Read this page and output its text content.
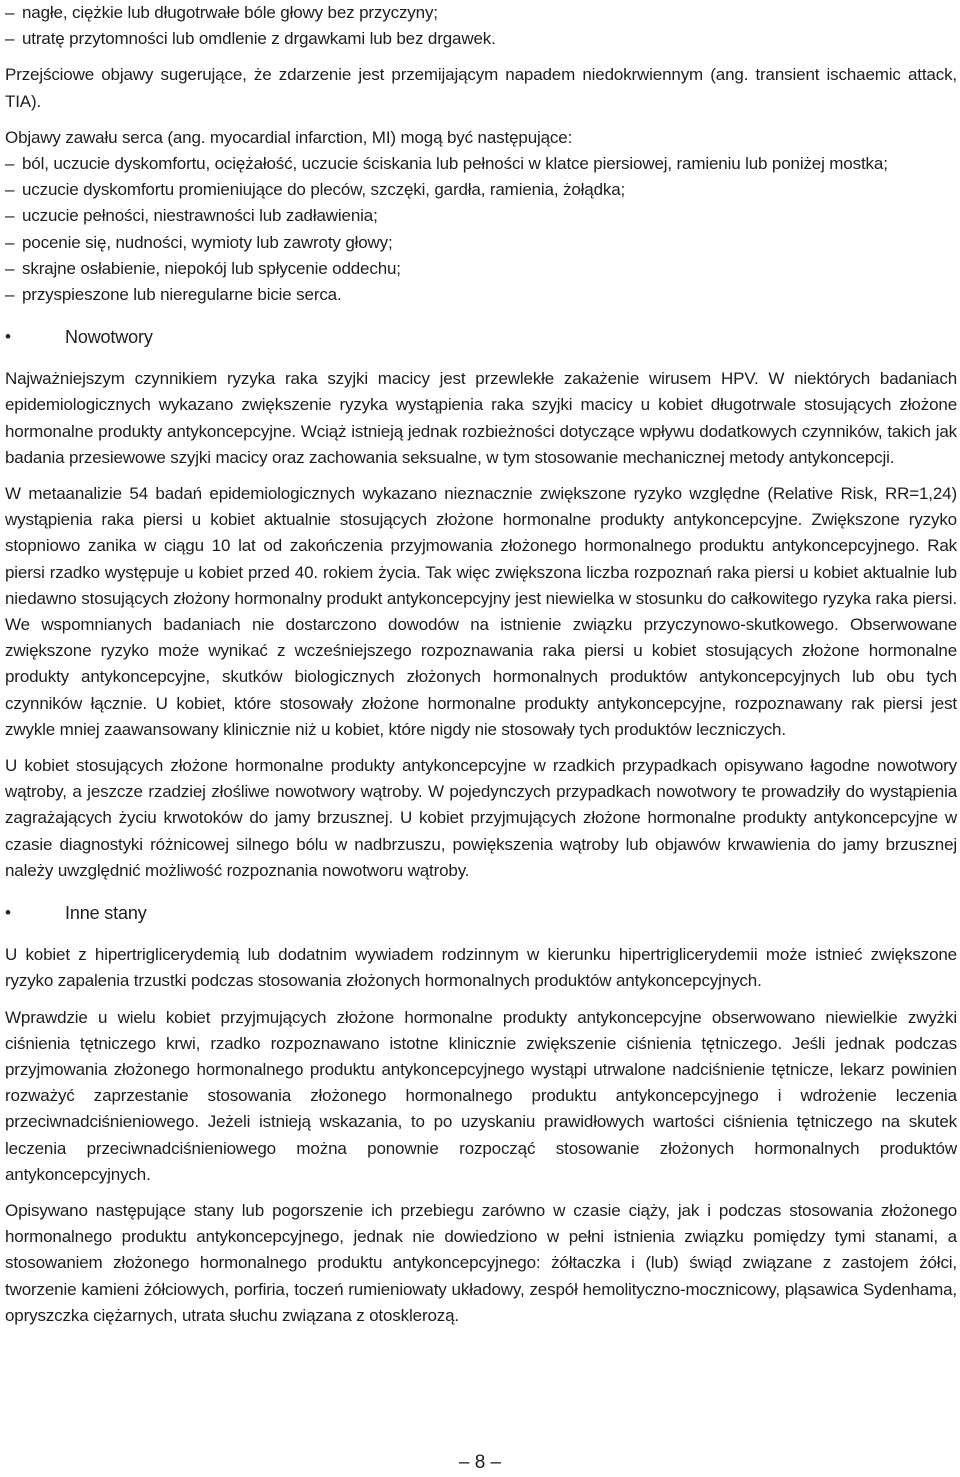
– nagłe, ciężkie lub długotrwałe bóle głowy bez przyczyny;
– utratę przytomności lub omdlenie z drgawkami lub bez drgawek.

Przejściowe objawy sugerujące, że zdarzenie jest przemijającym napadem niedokrwiennym (ang. transient ischaemic attack, TIA).

Objawy zawału serca (ang. myocardial infarction, MI) mogą być następujące:

– ból, uczucie dyskomfortu, ociężałość, uczucie ściskania lub pełności w klatce piersiowej, ramieniu lub poniżej mostka;
– uczucie dyskomfortu promieniujące do pleców, szczęki, gardła, ramienia, żołądka;
– uczucie pełności, niestrawności lub zadławienia;
– pocenie się, nudności, wymioty lub zawroty głowy;
– skrajne osłabienie, niepokój lub spłycenie oddechu;
– przyspieszone lub nieregularne bicie serca.
•	Nowotwory

Najważniejszym czynnikiem ryzyka raka szyjki macicy jest przewlekłe zakażenie wirusem HPV. W niektórych badaniach epidemiologicznych wykazano zwiększenie ryzyka wystąpienia raka szyjki macicy u kobiet długotrwale stosujących złożone hormonalne produkty antykoncepcyjne. Wciąż istnieją jednak rozbieżności dotyczące wpływu dodatkowych czynników, takich jak badania przesiewowe szyjki macicy oraz zachowania seksualne, w tym stosowanie mechanicznej metody antykoncepcji.

W metaanalizie 54 badań epidemiologicznych wykazano nieznacznie zwiększone ryzyko względne (Relative Risk, RR=1,24) wystąpienia raka piersi u kobiet aktualnie stosujących złożone hormonalne produkty antykoncepcyjne. Zwiększone ryzyko stopniowo zanika w ciągu 10 lat od zakończenia przyjmowania złożonego hormonalnego produktu antykoncepcyjnego. Rak piersi rzadko występuje u kobiet przed 40. rokiem życia. Tak więc zwiększona liczba rozpoznań raka piersi u kobiet aktualnie lub niedawno stosujących złożony hormonalny produkt antykoncepcyjny jest niewielka w stosunku do całkowitego ryzyka raka piersi. We wspomnianych badaniach nie dostarczono dowodów na istnienie związku przyczynowo-skutkowego. Obserwowane zwiększone ryzyko może wynikać z wcześniejszego rozpoznawania raka piersi u kobiet stosujących złożone hormonalne produkty antykoncepcyjne, skutków biologicznych złożonych hormonalnych produktów antykoncepcyjnych lub obu tych czynników łącznie. U kobiet, które stosowały złożone hormonalne produkty antykoncepcyjne, rozpoznawany rak piersi jest zwykle mniej zaawansowany klinicznie niż u kobiet, które nigdy nie stosowały tych produktów leczniczych.

U kobiet stosujących złożone hormonalne produkty antykoncepcyjne w rzadkich przypadkach opisywano łagodne nowotwory wątroby, a jeszcze rzadziej złośliwe nowotwory wątroby. W pojedynczych przypadkach nowotwory te prowadziły do wystąpienia zagrażających życiu krwotoków do jamy brzusznej. U kobiet przyjmujących złożone hormonalne produkty antykoncepcyjne w czasie diagnostyki różnicowej silnego bólu w nadbrzuszu, powiększenia wątroby lub objawów krwawienia do jamy brzusznej należy uwzględnić możliwość rozpoznania nowotworu wątroby.

•	Inne stany

U kobiet z hipertriglicerydemią lub dodatnim wywiadem rodzinnym w kierunku hipertriglicerydemii może istnieć zwiększone ryzyko zapalenia trzustki podczas stosowania złożonych hormonalnych produktów antykoncepcyjnych.

Wprawdzie u wielu kobiet przyjmujących złożone hormonalne produkty antykoncepcyjne obserwowano niewielkie zwyżki ciśnienia tętniczego krwi, rzadko rozpoznawano istotne klinicznie zwiększenie ciśnienia tętniczego. Jeśli jednak podczas przyjmowania złożonego hormonalnego produktu antykoncepcyjnego wystąpi utrwalone nadciśnienie tętnicze, lekarz powinien rozważyć zaprzestanie stosowania złożonego hormonalnego produktu antykoncepcyjnego i wdrożenie leczenia przeciwnadciśnieniowego. Jeżeli istnieją wskazania, to po uzyskaniu prawidłowych wartości ciśnienia tętniczego na skutek leczenia przeciwnadciśnieniowego można ponownie rozpocząć stosowanie złożonych hormonalnych produktów antykoncepcyjnych.

Opisywano następujące stany lub pogorszenie ich przebiegu zarówno w czasie ciąży, jak i podczas stosowania złożonego hormonalnego produktu antykoncepcyjnego, jednak nie dowiedziono w pełni istnienia związku pomiędzy tymi stanami, a stosowaniem złożonego hormonalnego produktu antykoncepcyjnego: żółtaczka i (lub) świąd związane z zastojem żółci, tworzenie kamieni żółciowych, porfiria, toczeń rumieniowaty układowy, zespół hemolityczno-mocznicowy, pląsawica Sydenhama, opryszczka ciężarnych, utrata słuchu związana z otosklerozą.

– 8 –
